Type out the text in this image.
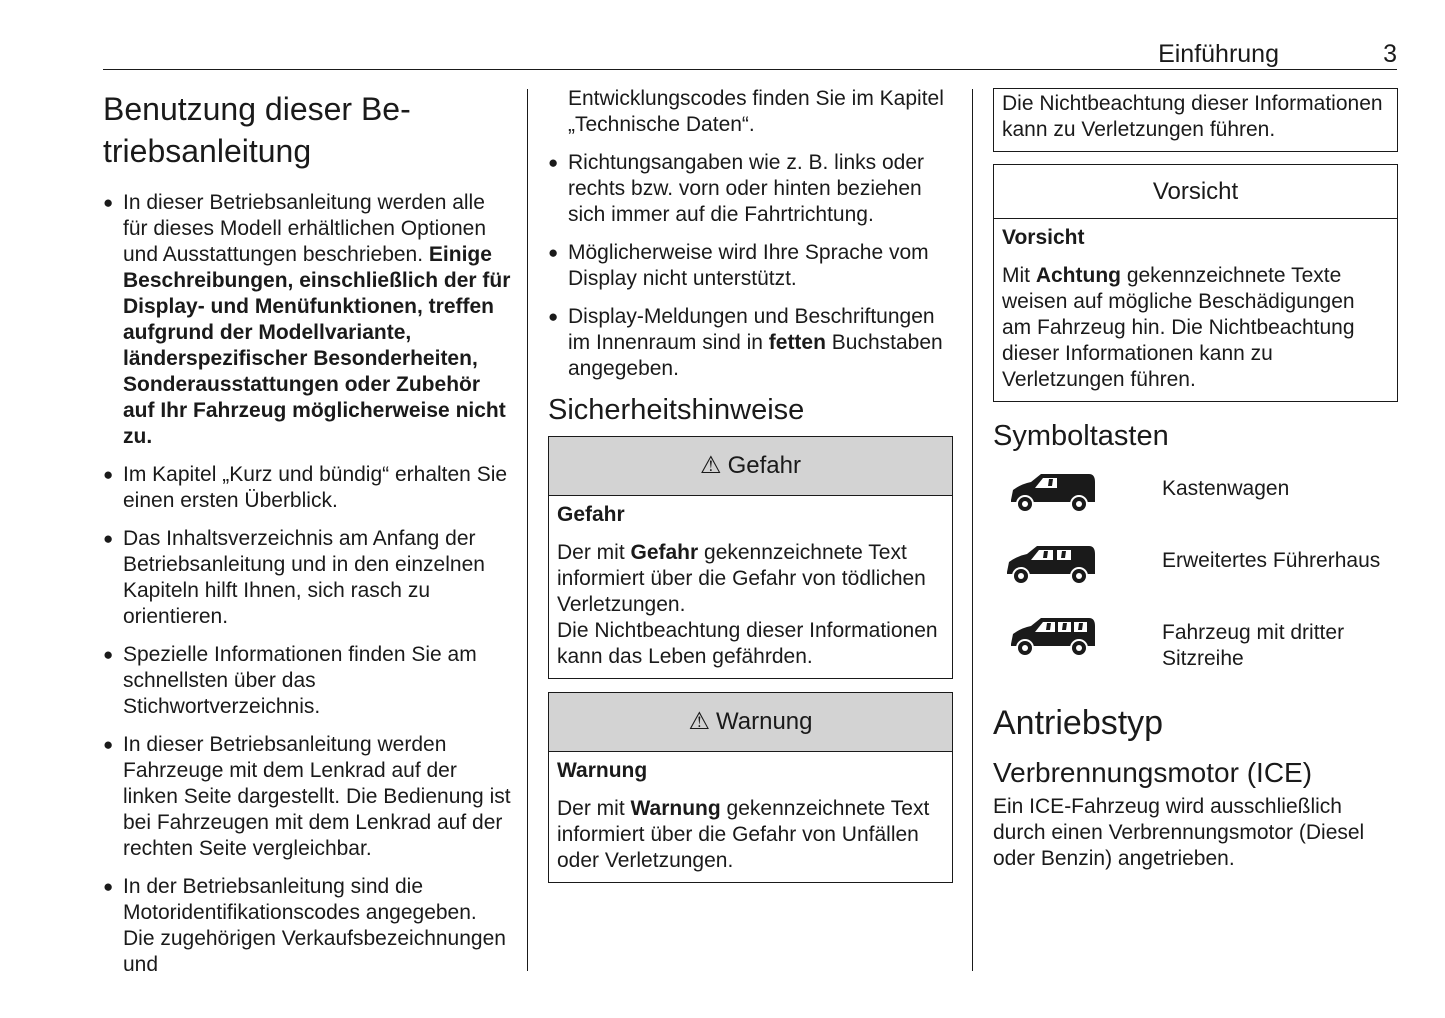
Einführung	3
Benutzung dieser Be-
triebsanleitung
● In dieser Betriebsanleitung werden alle für dieses Modell erhältlichen Optionen und Ausstattungen beschrieben. Einige Beschreibungen, einschließlich der für Display- und Menüfunktionen, treffen aufgrund der Modellvariante, länderspezifischer Besonderheiten, Sonderausstattungen oder Zubehör auf Ihr Fahrzeug möglicherweise nicht zu.
● Im Kapitel „Kurz und bündig“ erhalten Sie einen ersten Überblick.
● Das Inhaltsverzeichnis am Anfang der Betriebsanleitung und in den einzelnen Kapiteln hilft Ihnen, sich rasch zu orientieren.
● Spezielle Informationen finden Sie am schnellsten über das Stichwortverzeichnis.
● In dieser Betriebsanleitung werden Fahrzeuge mit dem Lenkrad auf der linken Seite dargestellt. Die Bedienung ist bei Fahrzeugen mit dem Lenkrad auf der rechten Seite vergleichbar.
● In der Betriebsanleitung sind die Motoridentifikationscodes angegeben. Die zugehörigen Verkaufsbezeichnungen und
Entwicklungscodes finden Sie im Kapitel „Technische Daten“.
● Richtungsangaben wie z. B. links oder rechts bzw. vorn oder hinten beziehen sich immer auf die Fahrtrichtung.
● Möglicherweise wird Ihre Sprache vom Display nicht unterstützt.
● Display-Meldungen und Beschriftungen im Innenraum sind in fetten Buchstaben angegeben.
Sicherheitshinweise
⚠ Gefahr

Gefahr

Der mit Gefahr gekennzeichnete Text informiert über die Gefahr von tödlichen Verletzungen.
Die Nichtbeachtung dieser Informationen kann das Leben gefährden.

⚠ Warnung

Warnung

Der mit Warnung gekennzeichnete Text informiert über die Gefahr von Unfällen oder Verletzungen.

Die Nichtbeachtung dieser Informationen kann zu Verletzungen führen.

Vorsicht

Vorsicht

Mit Achtung gekennzeichnete Texte weisen auf mögliche Beschädigungen am Fahrzeug hin. Die Nichtbeachtung dieser Informationen kann zu Verletzungen führen.

Symboltasten
Kastenwagen
Erweitertes Führerhaus
Fahrzeug mit dritter Sitzreihe
Antriebstyp
Verbrennungsmotor (ICE)
Ein ICE-Fahrzeug wird ausschließlich durch einen Verbrennungsmotor (Diesel oder Benzin) angetrieben.
